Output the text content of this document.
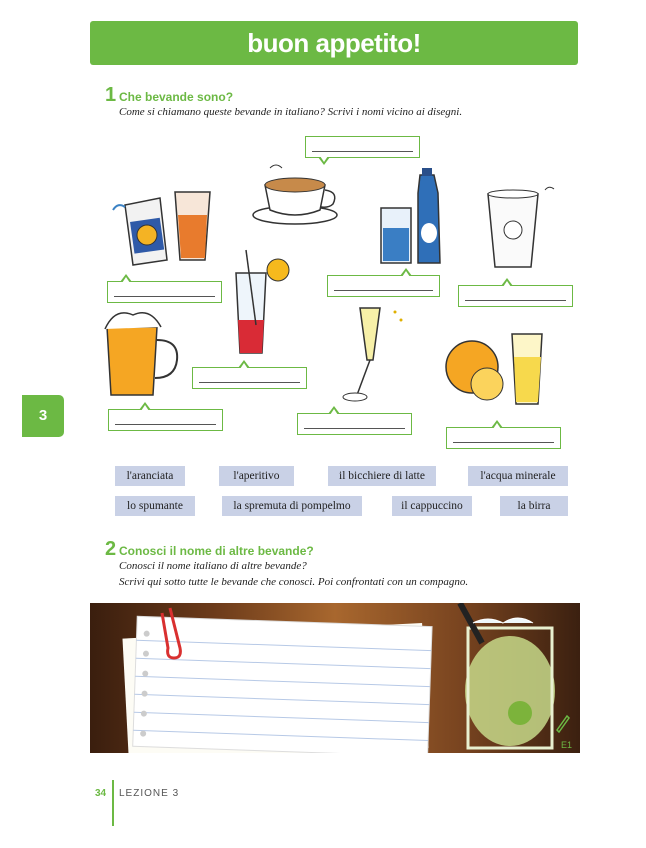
buon appetito!
3
1 Che bevande sono?
Come si chiamano queste bevande in italiano? Scrivi i nomi vicino ai disegni.
l'aranciata	l'aperitivo	il bicchiere di latte	l'acqua minerale
lo spumante	la spremuta di pompelmo	il cappuccino	la birra
2 Conosci il nome di altre bevande?
Conosci il nome italiano di altre bevande?
Scrivi qui sotto tutte le bevande che conosci. Poi confrontati con un compagno.
E1
34 LEZIONE 3
